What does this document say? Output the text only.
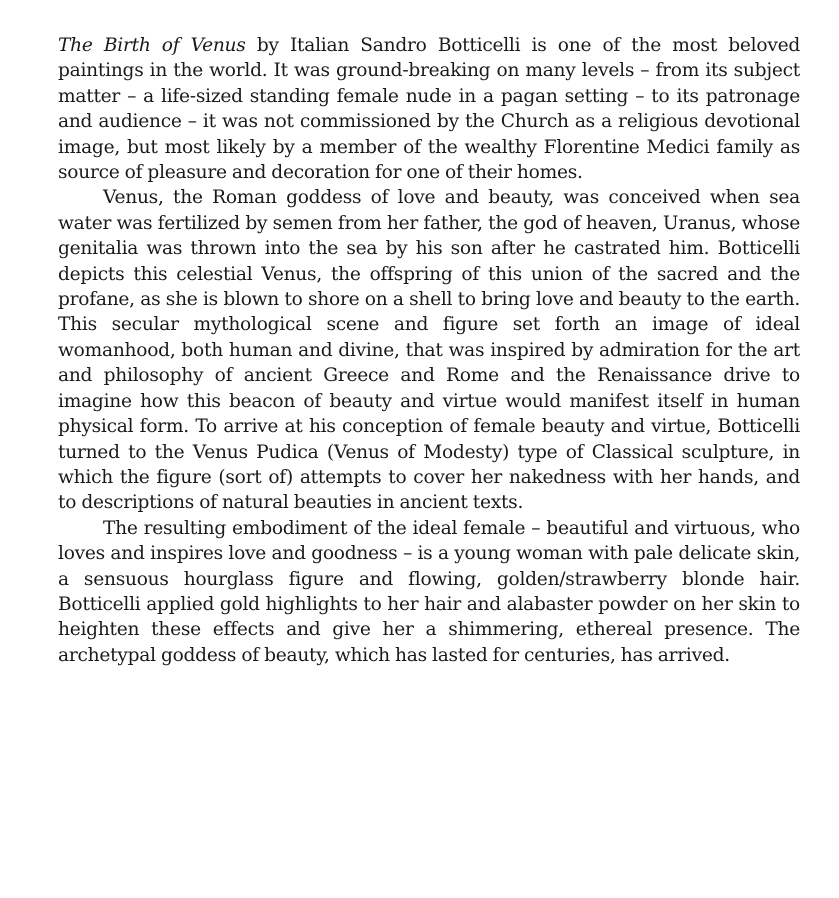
The Birth of Venus by Italian Sandro Botticelli is one of the most beloved paintings in the world. It was ground-breaking on many levels – from its subject matter – a life-sized standing female nude in a pagan setting – to its patronage and audience – it was not commissioned by the Church as a religious devotional image, but most likely by a member of the wealthy Florentine Medici family as source of pleasure and decoration for one of their homes.

Venus, the Roman goddess of love and beauty, was conceived when sea water was fertilized by semen from her father, the god of heaven, Uranus, whose genitalia was thrown into the sea by his son after he castrated him. Botticelli depicts this celestial Venus, the offspring of this union of the sacred and the profane, as she is blown to shore on a shell to bring love and beauty to the earth. This secular mythological scene and figure set forth an image of ideal womanhood, both human and divine, that was inspired by admiration for the art and philosophy of ancient Greece and Rome and the Renaissance drive to imagine how this beacon of beauty and virtue would manifest itself in human physical form. To arrive at his conception of female beauty and virtue, Botticelli turned to the Venus Pudica (Venus of Modesty) type of Classical sculpture, in which the figure (sort of) attempts to cover her nakedness with her hands, and to descriptions of natural beauties in ancient texts.

The resulting embodiment of the ideal female – beautiful and virtuous, who loves and inspires love and goodness – is a young woman with pale delicate skin, a sensuous hourglass figure and flowing, golden/strawberry blonde hair. Botticelli applied gold highlights to her hair and alabaster powder on her skin to heighten these effects and give her a shimmering, ethereal presence. The archetypal goddess of beauty, which has lasted for centuries, has arrived.
